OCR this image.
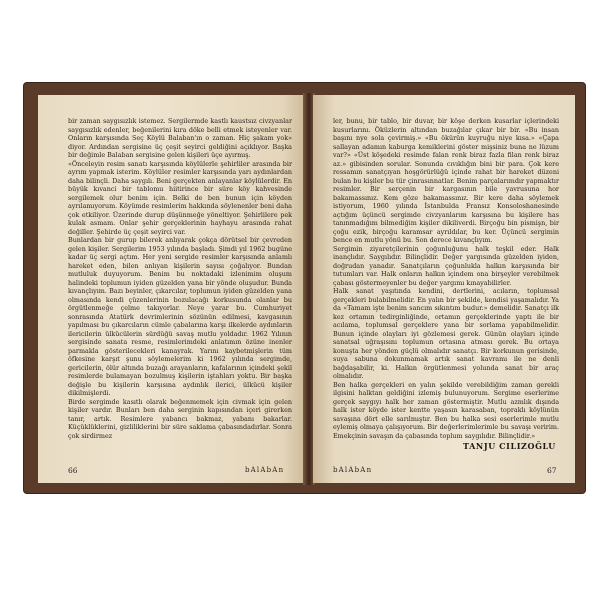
bir zaman saygısızlık istemez. Sergilermde kastlı kaustsız civzyanlar saygısızlık edenler, beğenilerini kıra döke belli etmek isteyenler var. Onların karşısında Seç Köylü Balaban'ın o zaman. Hiç şakam yok» diyor. Ardından sergisine üç çeşit seyirci geldiğini açıklıyor. Başka bir değimle Balaban sergisine gelen kişileri üçe ayırmış.
«Önceleyin resim sanatı karşısında köylülerle şehirliler arasında bir ayrım yapmak isterim. Köylüler resimler karşısında yarı aydınlardan daha bilinçli. Daha saygılı. Beni gerçekten anlayanlar köylülerdir. En büyük kıvanci bir tablomu hiitirince bir süre köy kahvesinde sergilemek olur benim için. Belki de ben bunun için köyden ayrılamıyorum. Köyümde resimlerim hakkında söylenenler beni daha çok etkiliyor. Üzerinde durup düşünmeğe yöneltiyor. Şehirlilere pek kulak asmam. Onlar şehir gerçeklerinin hayhayu arasında rahat değiller. Şehirde üç çeşit seyirci var.
Bunlardan bir gurup bilerek anlıyarak çokça dörütsel bir çevreden gelen kişiler. Sergilerim 1953 yılında başladı. Şimdi yıl 1962 bugüne kadar üç sergi açtım. Her yeni sergide resimler karşısında anlamlı hareket eden, bilen anlıyan kişilerin sayısı çoğalıyor. Bundan mutluluk duyuyorum. Benim bu noktadaki izlenimim oluşum halindeki toplumun iyiden güzelden yana bir yönde oluşudur. Bunda kıvançlıyım. Bazı beyinler, çıkarcılar, toplumun iyiden güzelden yana olmasında kendi çüzenlerinin bozulacağı korkusunda olanlar bu örgütlenmeğe çelme takıyorlar. Neye yarar bu. Cumhuriyet sonrasında Atatürk devrimlerinin sözünün edilmesi, kavgasının yapılması bu çıkarcıların cümle çabalarına karşı ilkelerde aydınların ilericilerin ülkücülerin sürdüğü savaş mutlu yoldadır. 1962 Yılının sergisinde sanata resme, resimlerimdeki anlatımın özüne inenler parmakla gösterilecekleri kanayrak. Yarını kaybetmişlerin tüm öfkesine karşıt şunu söylemelerim ki 1962 yılında sergimde, gericilerin, ölür altında buzağı arayanların, kafalarının içindeki şekil resimlerde bulamayan bozulmuş kişilerin iştahları yoktu. Bir başka değişle bu kişilerin karşısına aydınlık ilerici, ülkücü kişiler dikilmişlerdi.
Birde sergimde kasıtlı olarak beğenmemek için civmak için gelen kişiler vardır. Bunları ben daha serginin kapısından içeri girerken tanır, artık. Resimlere yabancı bakmaz, yabanı bakarlar. Küçüklüklerini, gizliliklerini bir süre saklama çabasındadırlar. Sonra çok sirdirmez
66	bAlAbAn
ler, bunu, bir tablo, bir duvar, bir köşe derken kusarlar içlerindeki kusurlarını. Öküzlerin altından buzağılar çıkar bir bir. «Bu insan başını nye sola çevirmiş.» «Bu ökürün kuyruğu niye kısa.» «Çapa sallayan adamın kaburga kemiklerini göster mişsiniz buna ne lüzum var?» «Üst köşedeki resimde falan renk biraz fazla filan renk biraz az.» gibisinden sorular. Sonunda cıvıklığın bini bir para. Çok kere ressamın sanatçıyan hoşgörürlüğü içinde rahat bir hareket düzeni bulan bu kişiler bu tür çinrasınnatlar. Benim parçalarımdır yapmaktır resimler. Bir serçenin bir kargasının bile yavrusuna hor bakamassınız. Kem göze bakamassınız. Bir kere daha söylemek istiyorum, 1960 yılında İstanbulda Fransız Konsoloshanesinde açtığım üçüncü sergimde civzyanlarım karşısına bu kişilere has tanınmadığım bilmediğim kişiler dikiliverdi. Birçoğu bin pismişn, bir çoğu ezik, birçoğu karamsar ayrıldılar, bu ker. Üçüncü sergimin bence en mutlu yönü bu. Son derece kıvançlıyım.
Sergimin ziyaretçilerinin çoğunluğunu halk teşkil eder. Halk inançlıdır. Saygılıdır. Bilinçlidir. Değer yargısında güzelden iyiden, doğrudan yanadır. Sanatçıların çoğunlukla halkın karşısında bir tutumları var. Halk onların halkın içindem ona birşeyler verebilmek çabası göstermeyenler bu değer yargımı kınayabilirler.
Halk sanat yaşıtında kendini, dertlerini, acıların, toplumsal gerçekleri bulabilmelidir. En yalın bir şekilde, kendisi yaşamalıdır. Ya da «Tamam işte benim sancım sıkıntım budur.» demelidir. Sanatçı ilk kez ortamın tedirginliğinde, ortamın gerçeklerinde yaptı ile bir acılama, toplumsal gerçeklere yana bir sorlama yapabilmelidir. Bunun içinde olayları iyi gözlemesi gerek. Günün olayları içinde sanatsal uğraşısını toplumun ortasına atması gerek. Bu ortaya konuşta her yönden güçlü olmalıdır sanatçı. Bir korkunun gerisinde, suya sabuna dokunmamak artık sanat kavramı ile ne denli bağdaşabilir, ki. Halkın örgütlenmesi yolunda sanat bir araç olmalıdır.
Ben halka gerçekleri en yalın şekilde verebildiğim zaman gerekli ilgisini halktan geldiğini izlemiş bulunuyorum. Sergime eserlerime gerçek saygıyı halk her zaman göstermiştir. Mutlu azmlık dışında halk ister köyde ister kentte yaşasın karasaban, topraklı köylünün savaşına dört elle sarılmıştır. Ben bu halka sesi eserlerimle mutlu eylemiş olmaya çalışıyorum. Bir değerlerimlerimle bu savaşı veririm. Emekçinin savaşın da çabasında toplum saygılıdır. Bilinçlidir.»
TANJU CILIZOĞLU
bAlAbAn	67
